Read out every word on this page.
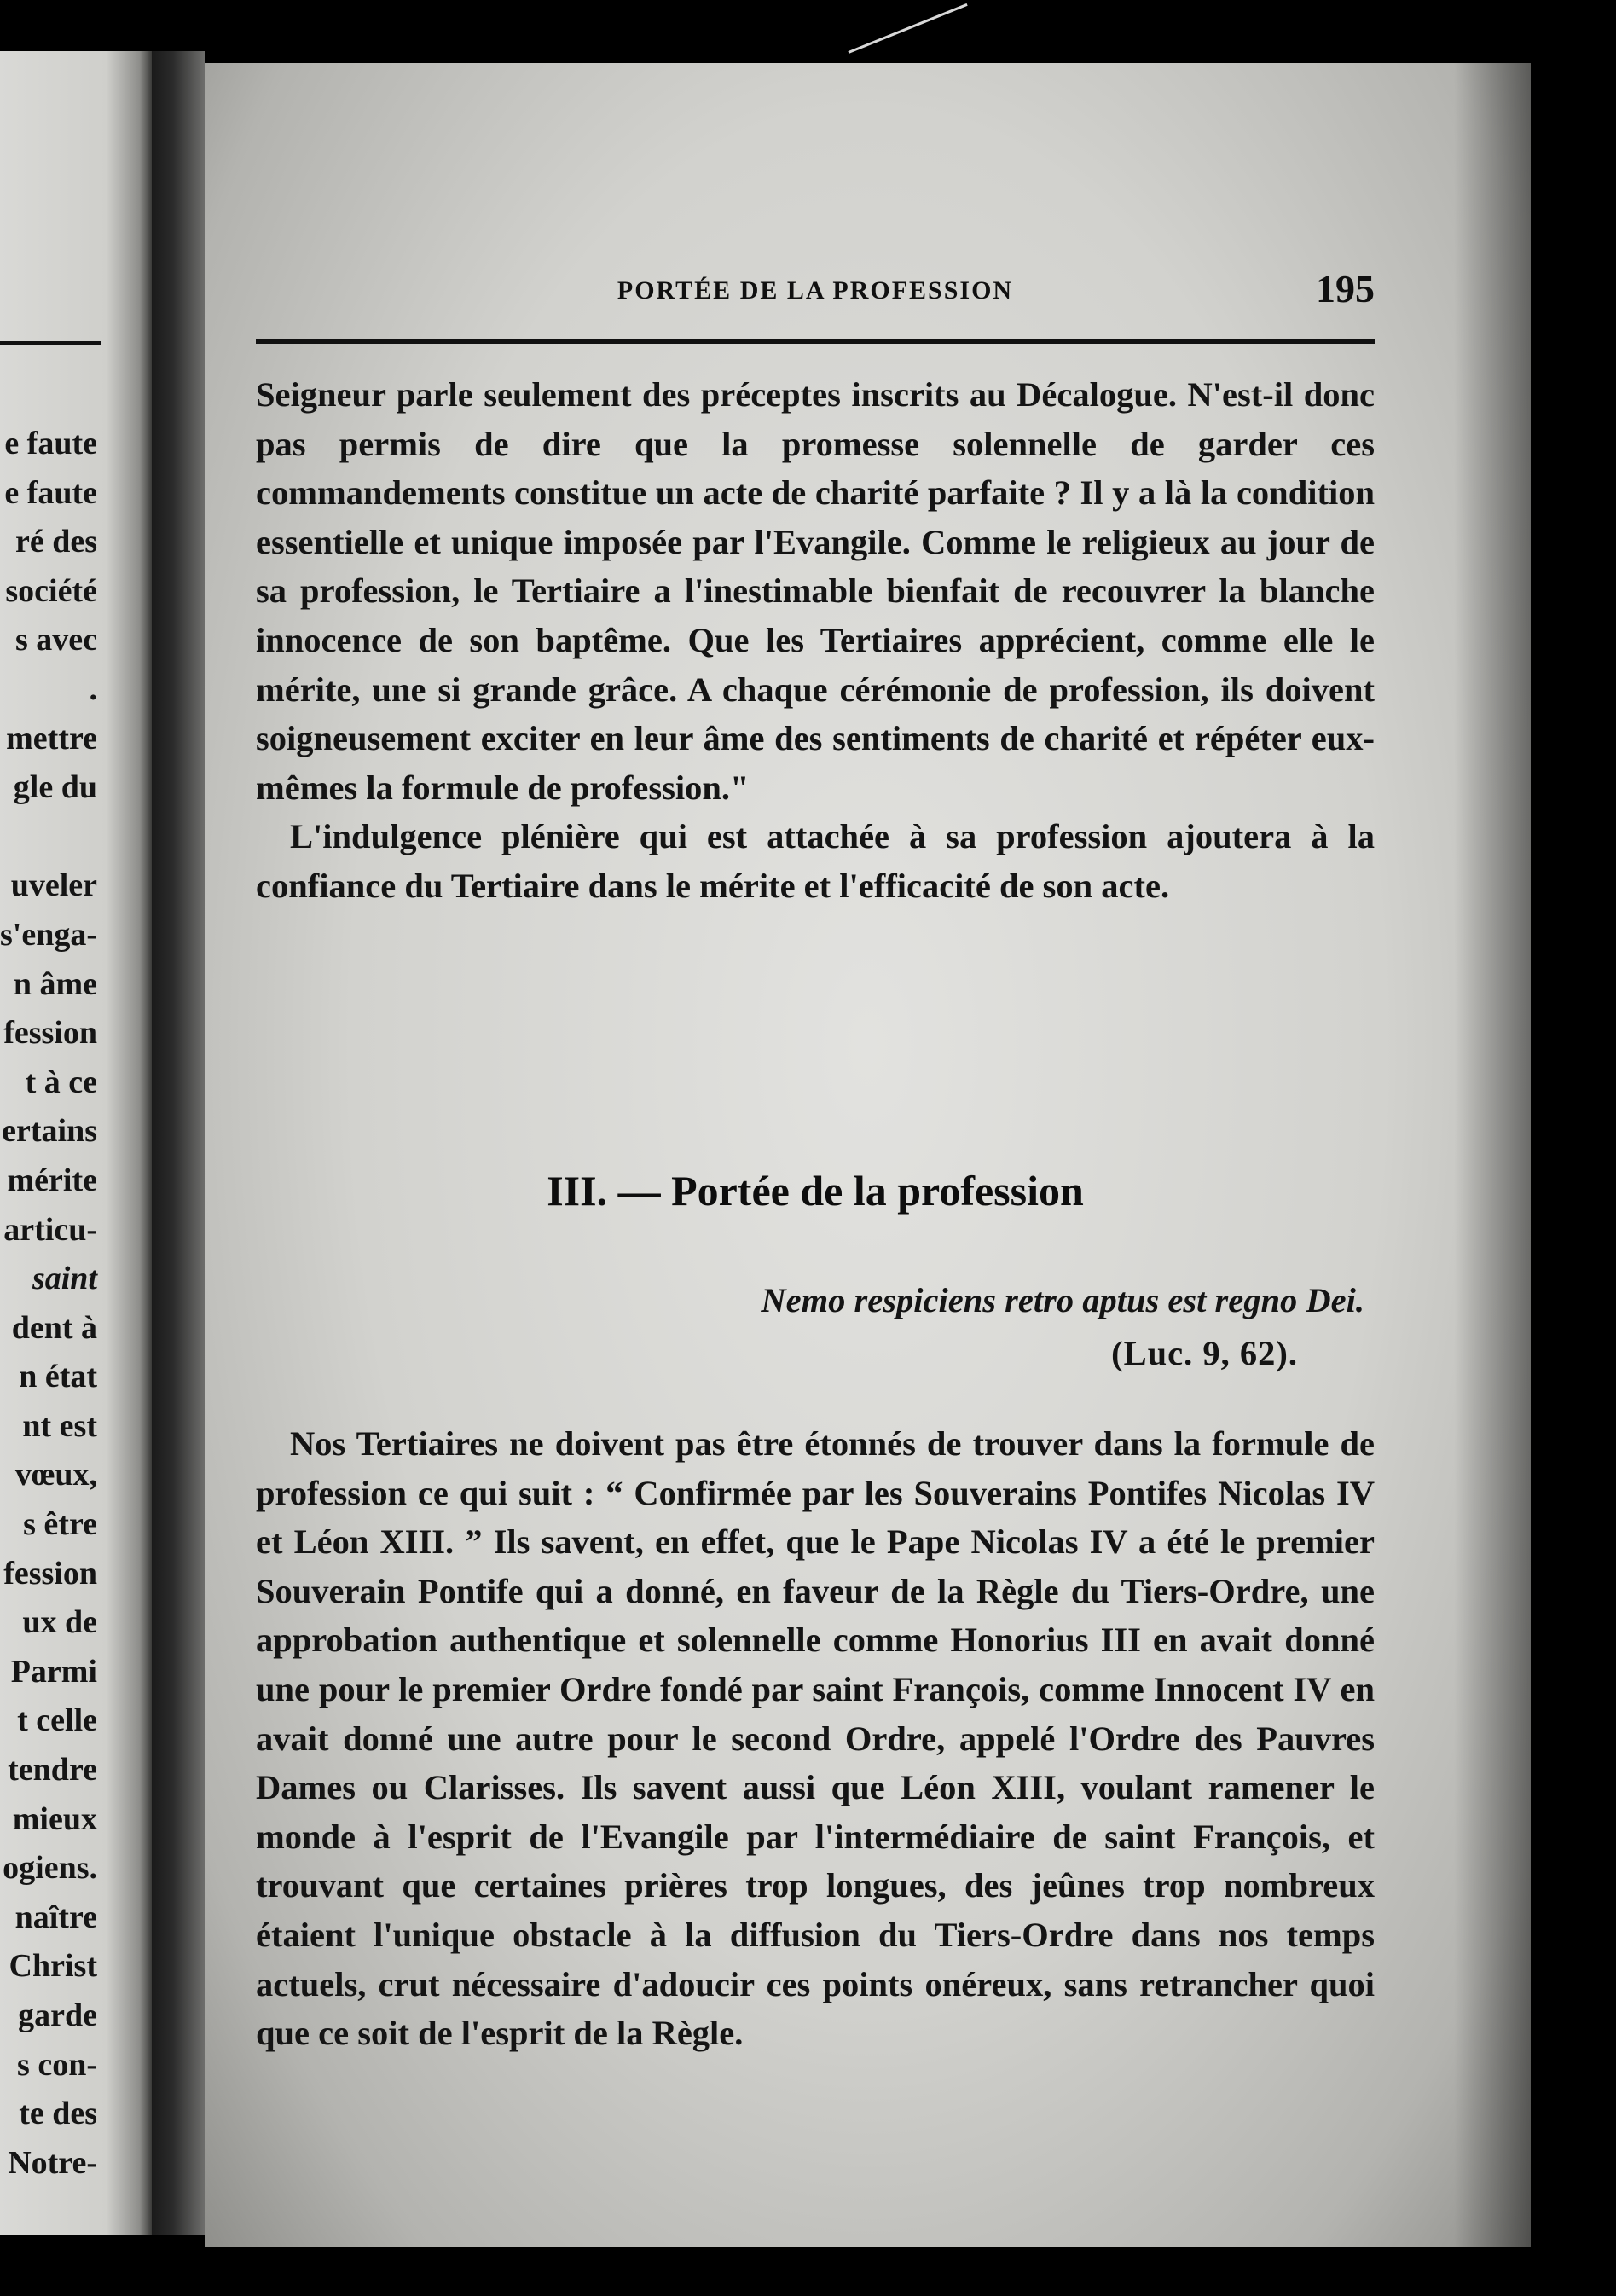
e faute
e faute
ré des
société
s avec
.
mettre
gle du

uveler
s'enga-
n âme
fession
t à ce
ertains
mérite
articu-
saint
dent à
n état
nt est
vœux,
s être
fession
ux de
Parmi
t celle
tendre
mieux
ogiens.
naître
Christ
garde
s con-
te des
Notre-
PORTÉE DE LA PROFESSION	195

Seigneur parle seulement des préceptes inscrits au Décalogue. N'est-il donc pas permis de dire que la promesse solennelle de garder ces commandements constitue un acte de charité parfaite ? Il y a là la condition essentielle et unique imposée par l'Evangile. Comme le religieux au jour de sa profession, le Tertiaire a l'inestimable bienfait de recouvrer la blanche innocence de son baptême. Que les Tertiaires apprécient, comme elle le mérite, une si grande grâce. A chaque cérémonie de profession, ils doivent soigneusement exciter en leur âme des sentiments de charité et répéter eux-mêmes la formule de profession."

L'indulgence plénière qui est attachée à sa profession ajoutera à la confiance du Tertiaire dans le mérite et l'efficacité de son acte.

III. — Portée de la profession
Nemo respiciens retro aptus est regno Dei.
(Luc. 9, 62).

Nos Tertiaires ne doivent pas être étonnés de trouver dans la formule de profession ce qui suit : “ Confirmée par les Souverains Pontifes Nicolas IV et Léon XIII. ” Ils savent, en effet, que le Pape Nicolas IV a été le premier Souverain Pontife qui a donné, en faveur de la Règle du Tiers-Ordre, une approbation authentique et solennelle comme Honorius III en avait donné une pour le premier Ordre fondé par saint François, comme Innocent IV en avait donné une autre pour le second Ordre, appelé l'Ordre des Pauvres Dames ou Clarisses. Ils savent aussi que Léon XIII, voulant ramener le monde à l'esprit de l'Evangile par l'intermédiaire de saint François, et trouvant que certaines prières trop longues, des jeûnes trop nombreux étaient l'unique obstacle à la diffusion du Tiers-Ordre dans nos temps actuels, crut nécessaire d'adoucir ces points onéreux, sans retrancher quoi que ce soit de l'esprit de la Règle.
